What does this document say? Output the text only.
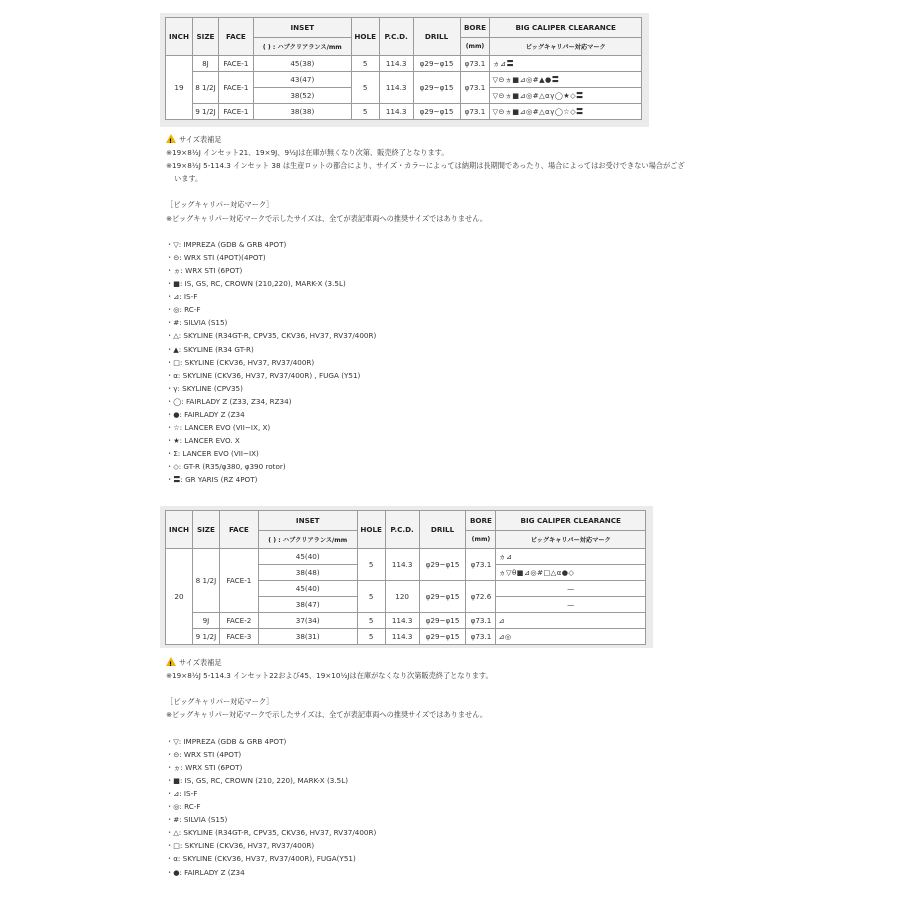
INCH	SIZE	FACE	INSET	HOLE	P.C.D.	DRILL	BORE	BIG CALIPER CLEARANCE
			( ) : ハブクリアランス/mm				(mm)	ビッグキャリパー対応マーク
19	8J	FACE-1	45(38)	5	114.3	φ29~φ15	φ73.1	ヵ⊿〓
	8 1/2J	FACE-1	43(47)	5	114.3	φ29~φ15	φ73.1	▽⊝ヵ■⊿◎#▲●〓
			38(52)					▽⊝ヵ■⊿◎#△αγ◯★◇〓
	9 1/2J	FACE-1	38(38)	5	114.3	φ29~φ15	φ73.1	▽⊝ヵ■⊿◎#△αγ◯☆◇〓
!サイズ表補足
※19×8½J インセット21、19×9J、9½Jは在庫が無くなり次第、販売終了となります。
※19×8½J 5-114.3 インセット 38 は生産ロットの都合により、サイズ・カラーによっては納期は長期間であったり、場合によってはお受けできない場合がござ
います。
［ビッグキャリパー対応マーク］
※ビッグキャリパー対応マークで示したサイズは、全てが表記車両への推奨サイズではありません。
・▽: IMPREZA (GDB & GRB 4POT)
・⊝: WRX STI (4POT)(4POT)
・ヵ: WRX STI (6POT)
・■: IS, GS, RC, CROWN (210,220), MARK-X (3.5L)
・⊿: IS-F
・◎: RC-F
・#: SILVIA (S15)
・△: SKYLINE (R34GT-R, CPV35, CKV36, HV37, RV37/400R)
・▲: SKYLINE (R34 GT-R)
・□: SKYLINE (CKV36, HV37, RV37/400R)
・α: SKYLINE (CKV36, HV37, RV37/400R) , FUGA (Y51)
・γ: SKYLINE (CPV35)
・◯: FAIRLADY Z (Z33, Z34, RZ34)
・●: FAIRLADY Z (Z34
・☆: LANCER EVO (VII~IX, X)
・★: LANCER EVO. X
・Σ: LANCER EVO (VII~IX)
・◇: GT-R (R35/φ380, φ390 rotor)
・〓: GR YARIS (RZ 4POT)
INCH	SIZE	FACE	INSET	HOLE	P.C.D.	DRILL	BORE	BIG CALIPER CLEARANCE
			( ) : ハブクリアランス/mm				(mm)	ビッグキャリパー対応マーク
20	8 1/2J	FACE-1	45(40)	5	114.3	φ29~φ15	φ73.1	ヵ⊿
			38(48)					ヵ▽θ■⊿◎#□△α●◇
			45(40)	5	120	φ29~φ15	φ72.6	—
			38(47)					—
	9J	FACE-2	37(34)	5	114.3	φ29~φ15	φ73.1	⊿
	9 1/2J	FACE-3	38(31)	5	114.3	φ29~φ15	φ73.1	⊿◎
!サイズ表補足
※19×8½J 5-114.3 インセット22および45、19×10½Jは在庫がなくなり次第販売終了となります。
［ビッグキャリパー対応マーク］
※ビッグキャリパー対応マークで示したサイズは、全てが表記車両への推奨サイズではありません。
・▽: IMPREZA (GDB & GRB 4POT)
・⊝: WRX STI (4POT)
・ヵ: WRX STI (6POT)
・■: IS, GS, RC, CROWN (210, 220), MARK-X (3.5L)
・⊿: IS-F
・◎: RC-F
・#: SILVIA (S15)
・△: SKYLINE (R34GT-R, CPV35, CKV36, HV37, RV37/400R)
・□: SKYLINE (CKV36, HV37, RV37/400R)
・α: SKYLINE (CKV36, HV37, RV37/400R), FUGA(Y51)
・●: FAIRLADY Z (Z34
